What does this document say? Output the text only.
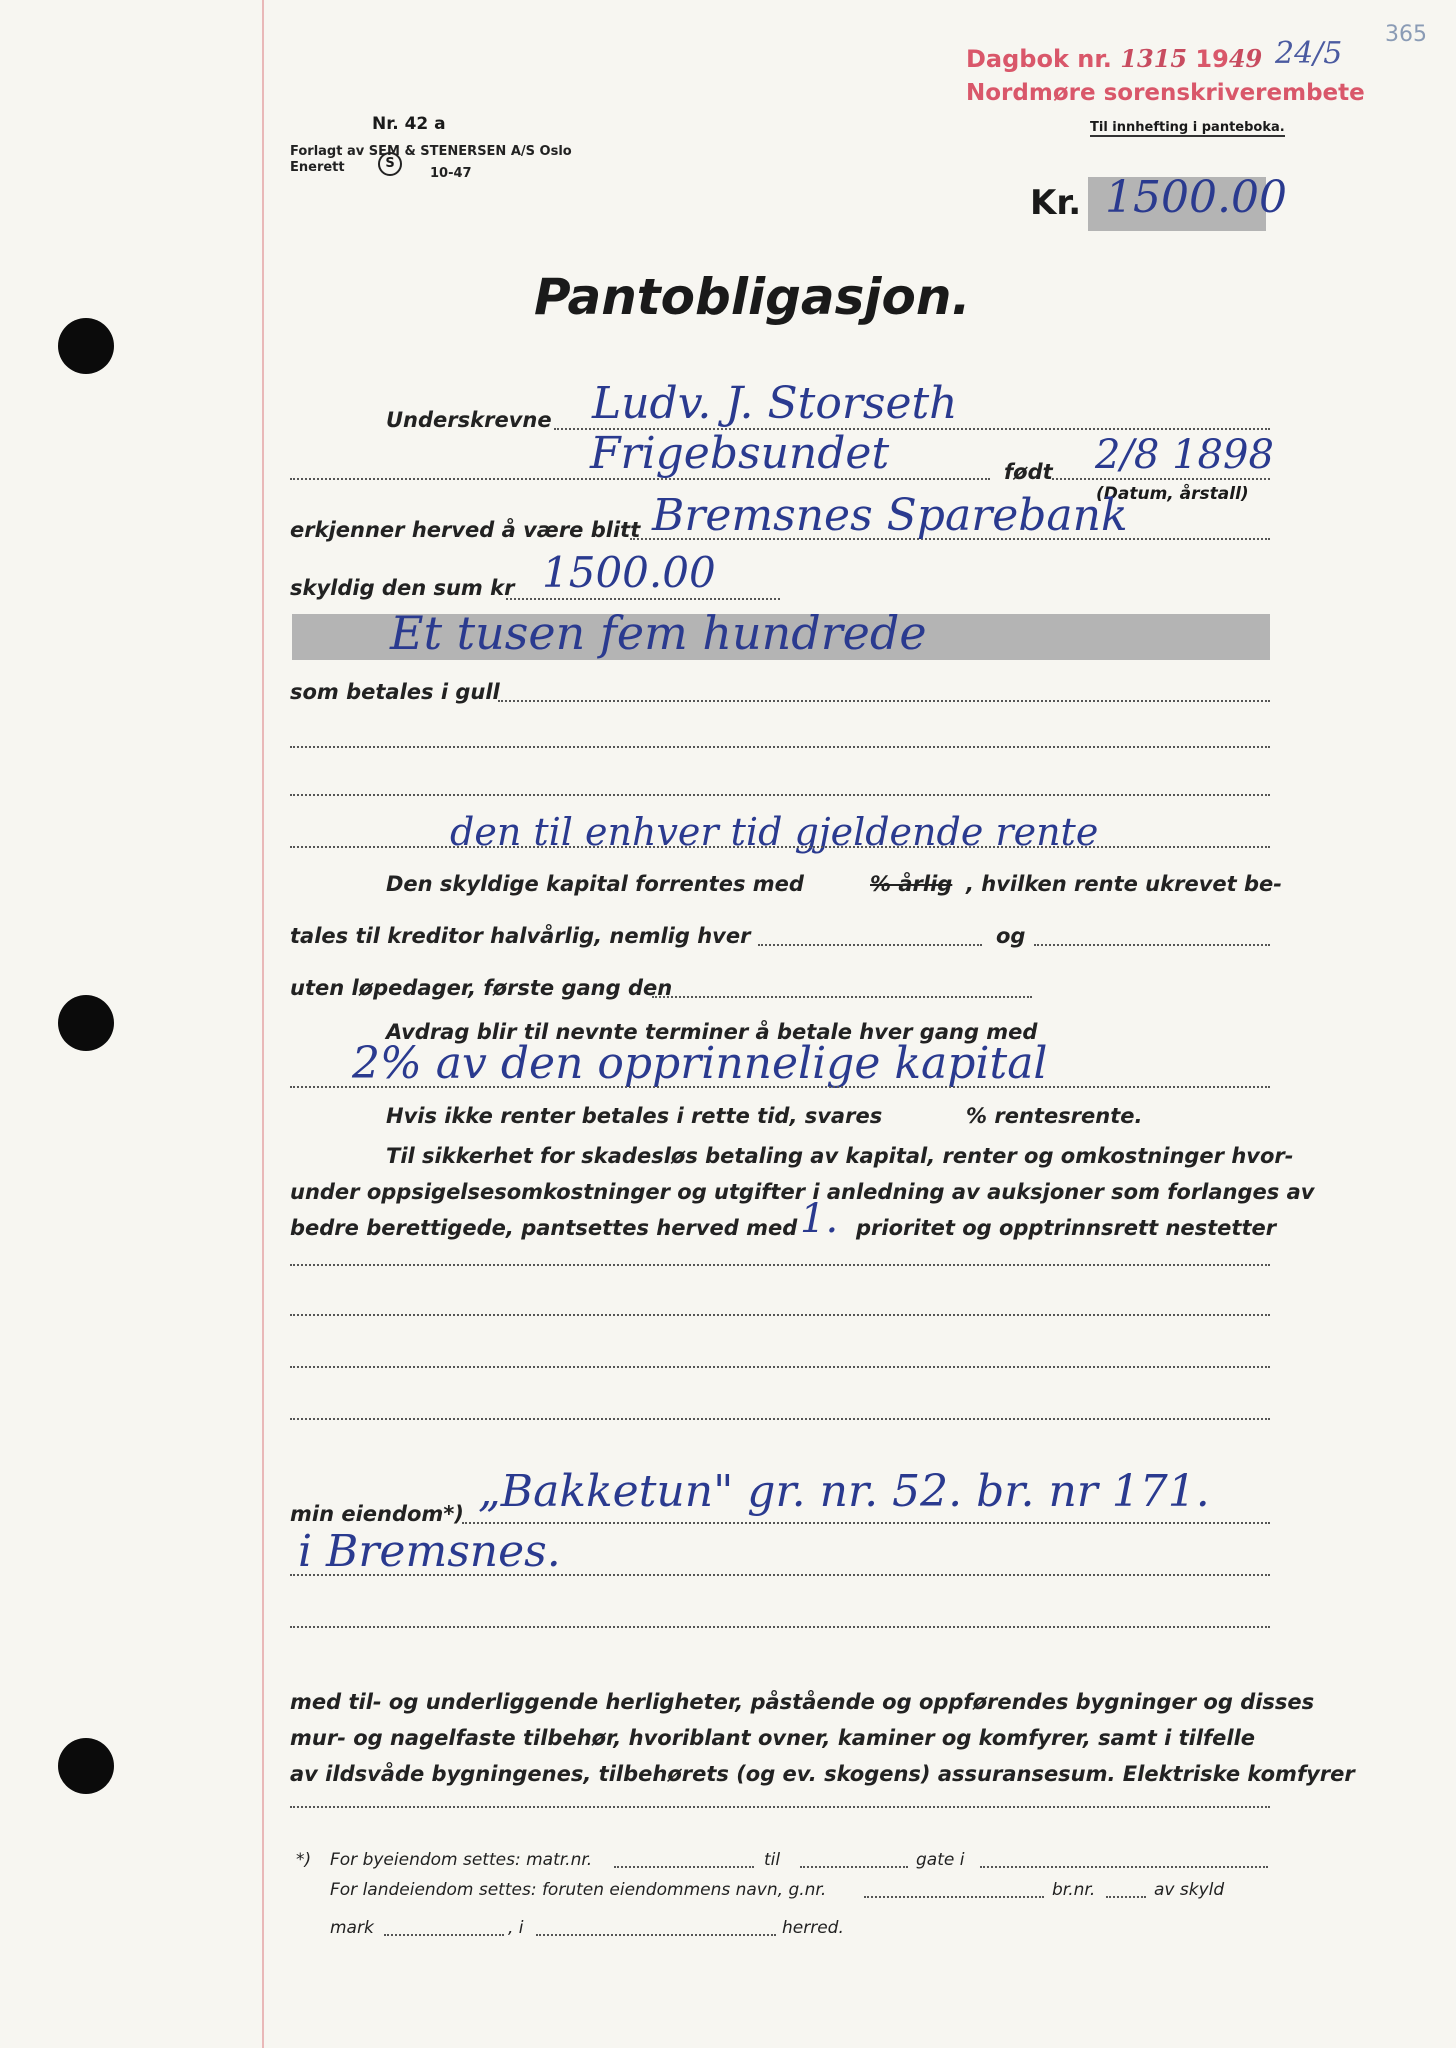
Dagbok nr. 1315 1949 24/5
365
Nordmøre sorenskriverembete
Til innhefting i panteboka.
Nr. 42 a
Forlagt av SEM & STENERSEN A/S Oslo
Enerett	S
10-47
Kr. 1500.00
Pantobligasjon.
Underskrevne Ludv. J. Storseth
Frigebsundet	født 2/8 1898
(Datum, årstall)
erkjenner herved å være blitt Bremsnes Sparebank
skyldig den sum kr 1500.00
Et tusen fem hundrede
som betales i gull
den til enhver tid gjeldende rente
Den skyldige kapital forrentes med	% årlig , hvilken rente ukrevet be-
tales til kreditor halvårlig, nemlig hver	og
uten løpedager, første gang den
Avdrag blir til nevnte terminer å betale hver gang med
2% av den opprinnelige kapital
Hvis ikke renter betales i rette tid, svares	% rentesrente.
Til sikkerhet for skadesløs betaling av kapital, renter og omkostninger hvor-
under oppsigelsesomkostninger og utgifter i anledning av auksjoner som forlanges av
bedre berettigede, pantsettes herved med 1. prioritet og opptrinnsrett nestetter
min eiendom*) „Bakketun" gr. nr. 52. br. nr 171.
i Bremsnes.
med til- og underliggende herligheter, påstående og oppførendes bygninger og disses
mur- og nagelfaste tilbehør, hvoriblant ovner, kaminer og komfyrer, samt i tilfelle
av ildsvåde bygningenes, tilbehørets (og ev. skogens) assuransesum. Elektriske komfyrer
*) For byeiendom settes: matr.nr.	til	gate i
For landeiendom settes: foruten eiendommens navn, g.nr.	br.nr.	av skyld
mark	, i	herred.
